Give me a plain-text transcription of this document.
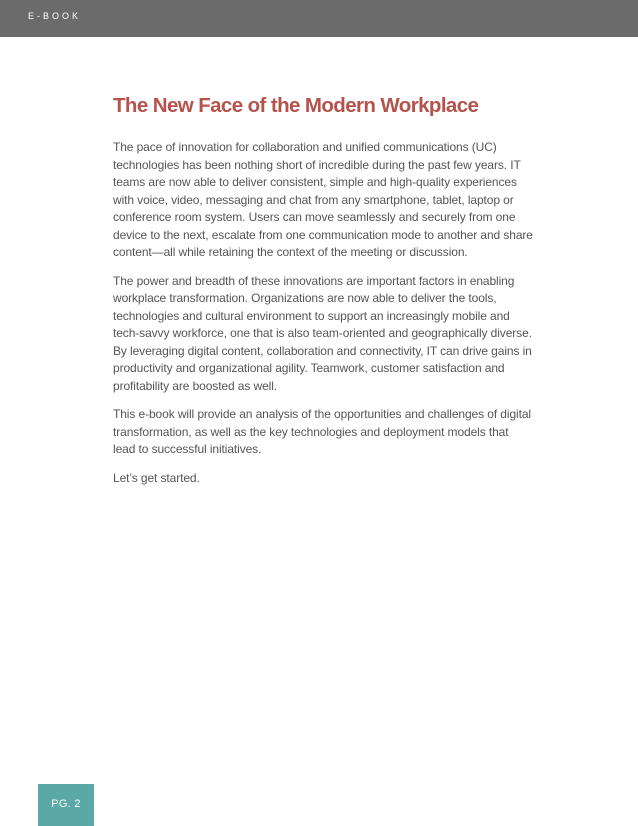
E-BOOK
The New Face of the Modern Workplace

The pace of innovation for collaboration and unified communications (UC) technologies has been nothing short of incredible during the past few years. IT teams are now able to deliver consistent, simple and high-quality experiences with voice, video, messaging and chat from any smartphone, tablet, laptop or conference room system. Users can move seamlessly and securely from one device to the next, escalate from one communication mode to another and share content—all while retaining the context of the meeting or discussion.

The power and breadth of these innovations are important factors in enabling workplace transformation. Organizations are now able to deliver the tools, technologies and cultural environment to support an increasingly mobile and tech-savvy workforce, one that is also team-oriented and geographically diverse. By leveraging digital content, collaboration and connectivity, IT can drive gains in productivity and organizational agility. Teamwork, customer satisfaction and profitability are boosted as well.

This e-book will provide an analysis of the opportunities and challenges of digital transformation, as well as the key technologies and deployment models that lead to successful initiatives.

Let’s get started.

PG. 2
